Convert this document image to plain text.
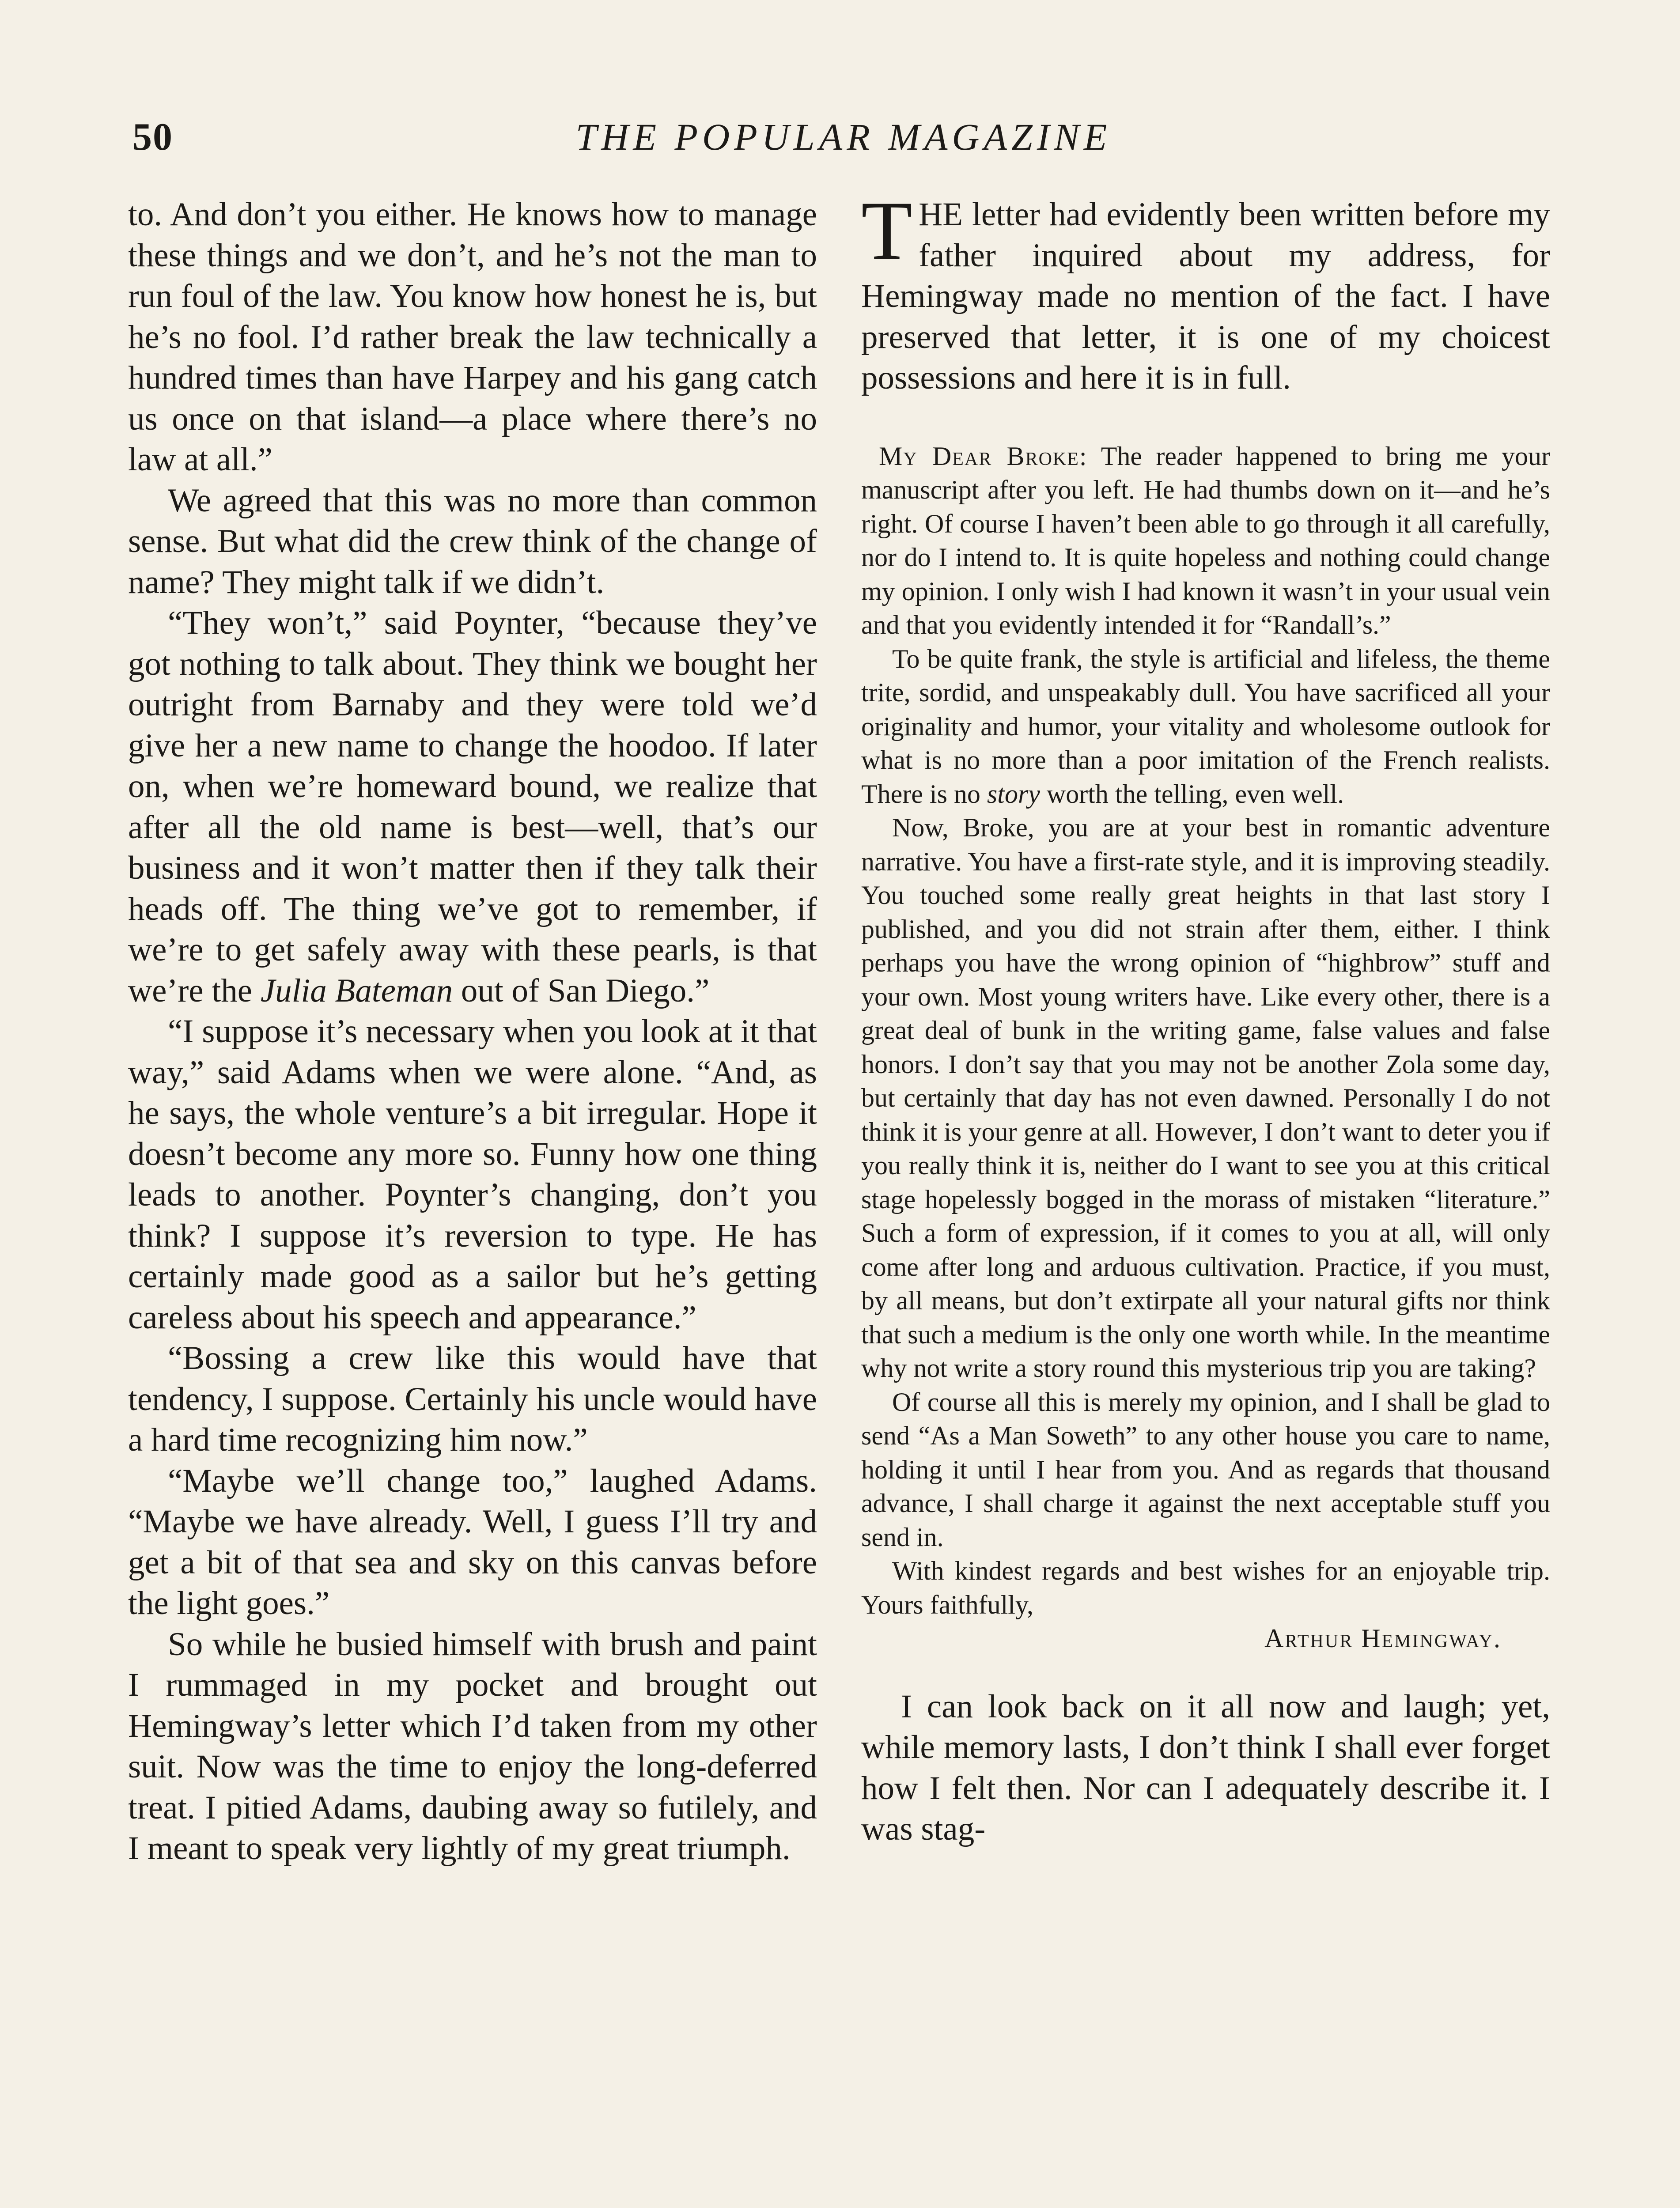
50	THE POPULAR MAGAZINE

to. And don’t you either. He knows how to manage these things and we don’t, and he’s not the man to run foul of the law. You know how honest he is, but he’s no fool. I’d rather break the law technically a hundred times than have Harpey and his gang catch us once on that island—a place where there’s no law at all.”

We agreed that this was no more than common sense. But what did the crew think of the change of name? They might talk if we didn’t.

“They won’t,” said Poynter, “because they’ve got nothing to talk about. They think we bought her outright from Barnaby and they were told we’d give her a new name to change the hoodoo. If later on, when we’re homeward bound, we realize that after all the old name is best—well, that’s our business and it won’t matter then if they talk their heads off. The thing we’ve got to remember, if we’re to get safely away with these pearls, is that we’re the Julia Bateman out of San Diego.”

“I suppose it’s necessary when you look at it that way,” said Adams when we were alone. “And, as he says, the whole venture’s a bit irregular. Hope it doesn’t become any more so. Funny how one thing leads to another. Poynter’s changing, don’t you think? I suppose it’s reversion to type. He has certainly made good as a sailor but he’s getting careless about his speech and appearance.”

“Bossing a crew like this would have that tendency, I suppose. Certainly his uncle would have a hard time recognizing him now.”

“Maybe we’ll change too,” laughed Adams. “Maybe we have already. Well, I guess I’ll try and get a bit of that sea and sky on this canvas before the light goes.”

So while he busied himself with brush and paint I rummaged in my pocket and brought out Hemingway’s letter which I’d taken from my other suit. Now was the time to enjoy the long-deferred treat. I pitied Adams, daubing away so futilely, and I meant to speak very lightly of my great triumph.

THE letter had evidently been written before my father inquired about my address, for Hemingway made no mention of the fact. I have preserved that letter, it is one of my choicest possessions and here it is in full.

My Dear Broke: The reader happened to bring me your manuscript after you left. He had thumbs down on it—and he’s right. Of course I haven’t been able to go through it all carefully, nor do I intend to. It is quite hopeless and nothing could change my opinion. I only wish I had known it wasn’t in your usual vein and that you evidently intended it for “Randall’s.”

To be quite frank, the style is artificial and lifeless, the theme trite, sordid, and unspeakably dull. You have sacrificed all your originality and humor, your vitality and wholesome outlook for what is no more than a poor imitation of the French realists. There is no story worth the telling, even well.

Now, Broke, you are at your best in romantic adventure narrative. You have a first-rate style, and it is improving steadily. You touched some really great heights in that last story I published, and you did not strain after them, either. I think perhaps you have the wrong opinion of “highbrow” stuff and your own. Most young writers have. Like every other, there is a great deal of bunk in the writing game, false values and false honors. I don’t say that you may not be another Zola some day, but certainly that day has not even dawned. Personally I do not think it is your genre at all. However, I don’t want to deter you if you really think it is, neither do I want to see you at this critical stage hopelessly bogged in the morass of mistaken “literature.” Such a form of expression, if it comes to you at all, will only come after long and arduous cultivation. Practice, if you must, by all means, but don’t extirpate all your natural gifts nor think that such a medium is the only one worth while. In the meantime why not write a story round this mysterious trip you are taking?

Of course all this is merely my opinion, and I shall be glad to send “As a Man Soweth” to any other house you care to name, holding it until I hear from you. And as regards that thousand advance, I shall charge it against the next acceptable stuff you send in.

With kindest regards and best wishes for an enjoyable trip. Yours faithfully,

Arthur Hemingway.

I can look back on it all now and laugh; yet, while memory lasts, I don’t think I shall ever forget how I felt then. Nor can I adequately describe it. I was stag-
